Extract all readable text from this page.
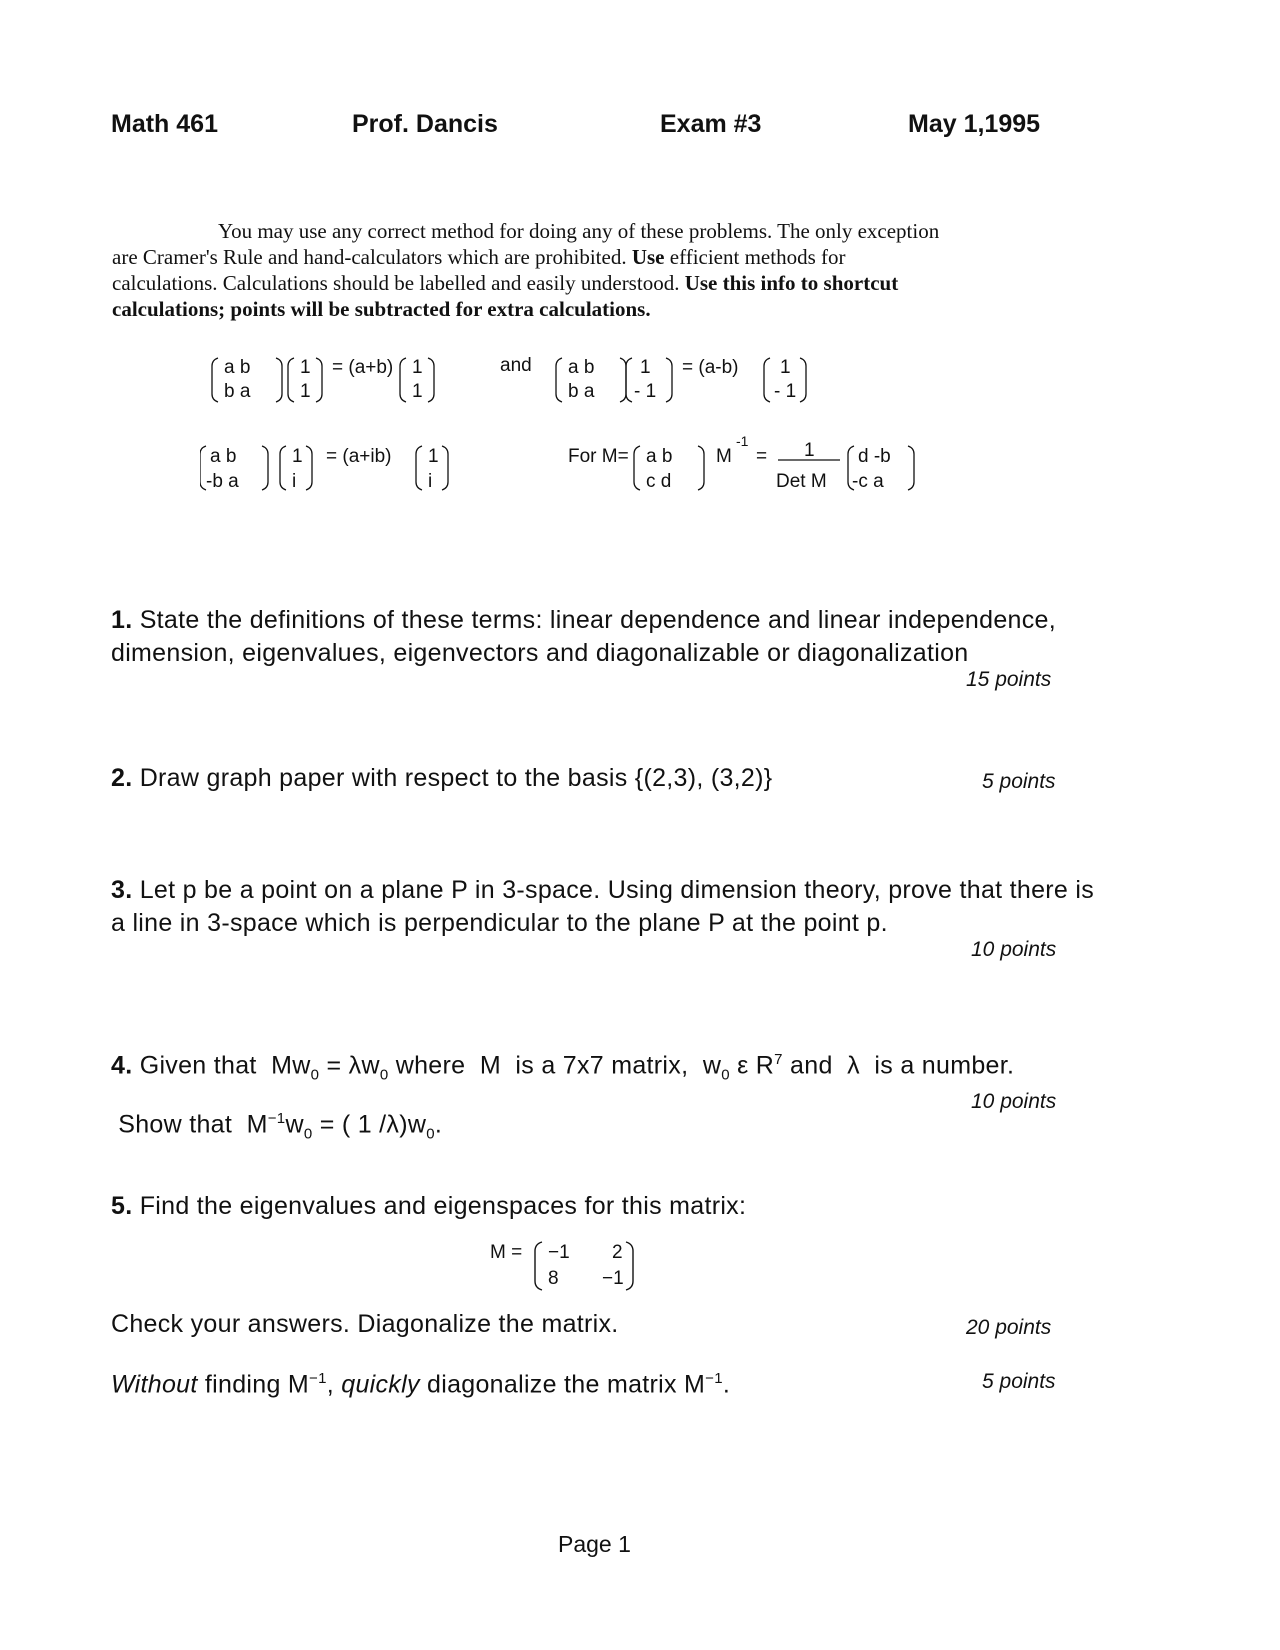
Math 461	Prof. Dancis	Exam #3	May 1,1995
You may use any correct method for doing any of these problems. The only exception
are Cramer's Rule and hand-calculators which are prohibited. Use efficient methods for
calculations. Calculations should be labelled and easily understood. Use this info to shortcut
calculations; points will be subtracted for extra calculations.
a b
b a
1
1
= (a+b) 1
1
and a b
b a
1
- 1
= (a-b) 1
- 1
a b
-b a
1
i
= (a+ib) 1
i
For M= a b
c d
M
-1
= 1
Det M
d -b
-c a
1. State the definitions of these terms: linear dependence and linear independence, dimension, eigenvalues, eigenvectors and diagonalizable or diagonalization
15 points
2. Draw graph paper with respect to the basis {(2,3), (3,2)}	5 points
3. Let p be a point on a plane P in 3-space. Using dimension theory, prove that there is a line in 3-space which is perpendicular to the plane P at the point p.
10 points
4. Given that  $Mw_0 = \lambda w_0$ where  M  is a 7x7 matrix,  $w_0$ ε $R^7$ and  λ  is a number.  Show that  $M^{-1}w_0$ = ( 1 $/\lambda)w_0$.
10 points
5. Find the eigenvalues and eigenspaces for this matrix:
M = −1 2
8 −1
Check your answers. Diagonalize the matrix.	20 points
Without finding $M^{-1}$, quickly diagonalize the matrix $M^{-1}$.	5 points
Page 1
